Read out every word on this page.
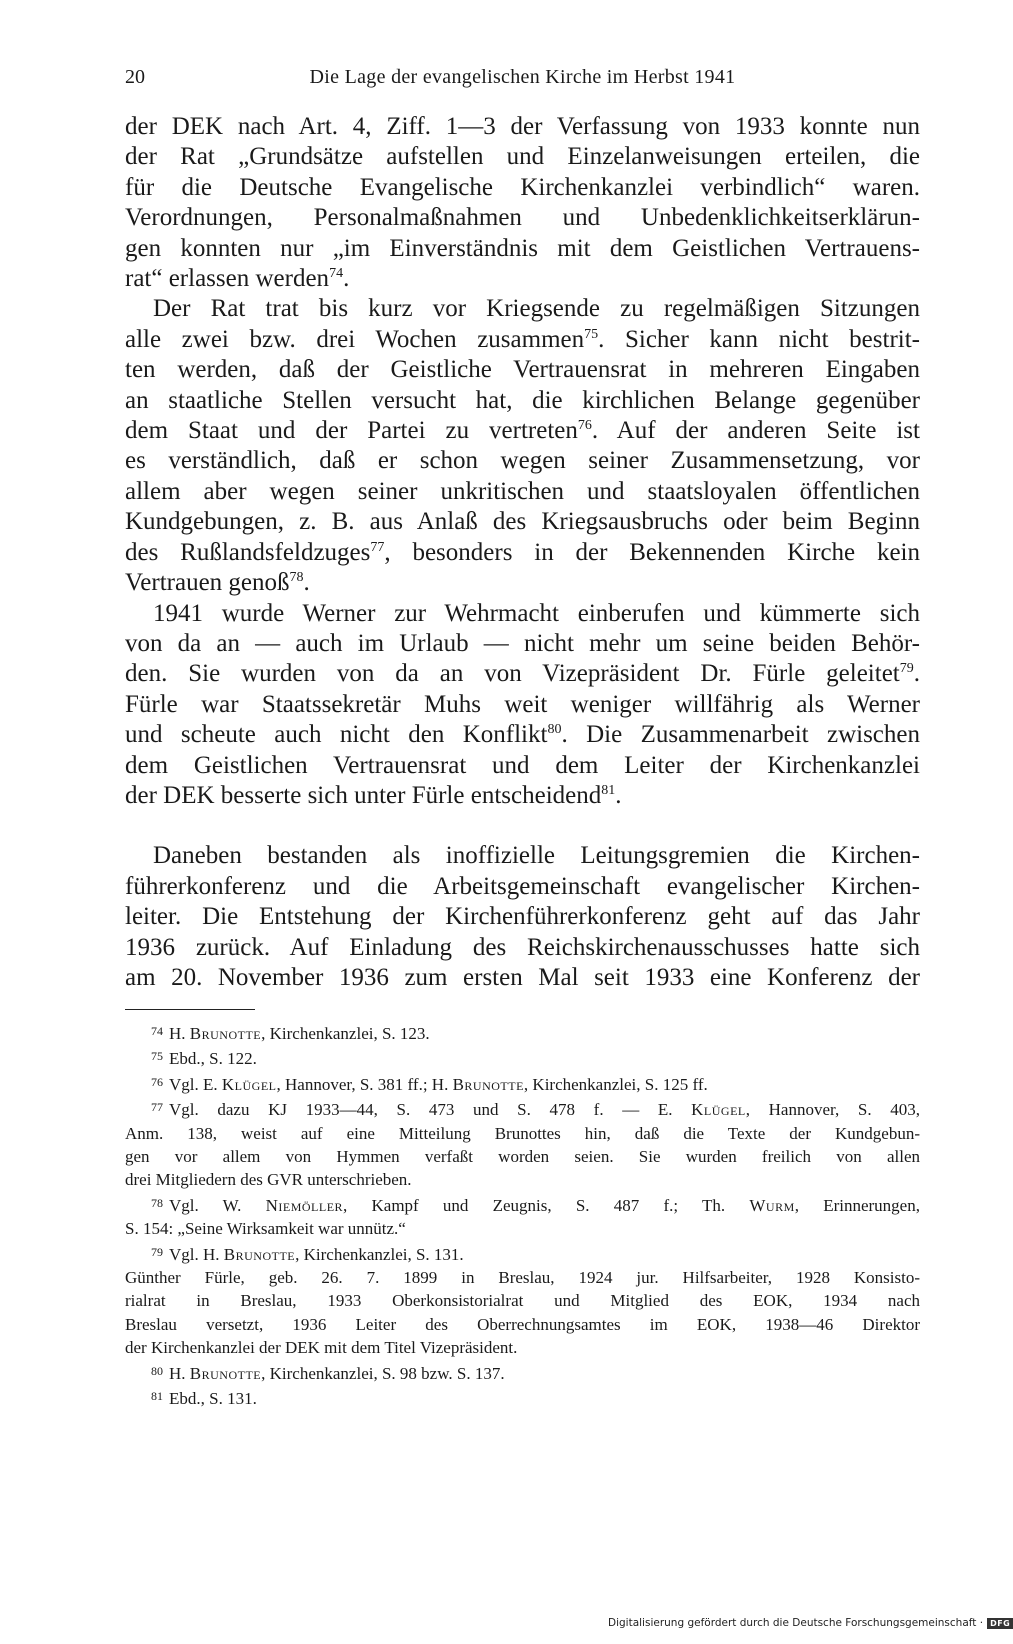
20	Die Lage der evangelischen Kirche im Herbst 1941

der DEK nach Art. 4, Ziff. 1—3 der Verfassung von 1933 konnte nun
der Rat „Grundsätze aufstellen und Einzelanweisungen erteilen, die
für die Deutsche Evangelische Kirchenkanzlei verbindlich“ waren.
Verordnungen, Personalmaßnahmen und Unbedenklichkeitserklärun-
gen konnten nur „im Einverständnis mit dem Geistlichen Vertrauens-
rat“ erlassen werden$^{74}$.

Der Rat trat bis kurz vor Kriegsende zu regelmäßigen Sitzungen
alle zwei bzw. drei Wochen zusammen$^{75}$. Sicher kann nicht bestrit-
ten werden, daß der Geistliche Vertrauensrat in mehreren Eingaben
an staatliche Stellen versucht hat, die kirchlichen Belange gegenüber
dem Staat und der Partei zu vertreten$^{76}$. Auf der anderen Seite ist
es verständlich, daß er schon wegen seiner Zusammensetzung, vor
allem aber wegen seiner unkritischen und staatsloyalen öffentlichen
Kundgebungen, z. B. aus Anlaß des Kriegsausbruchs oder beim Beginn
des Rußlandsfeldzuges$^{77}$, besonders in der Bekennenden Kirche kein
Vertrauen genoß$^{78}$.

1941 wurde Werner zur Wehrmacht einberufen und kümmerte sich
von da an — auch im Urlaub — nicht mehr um seine beiden Behör-
den. Sie wurden von da an von Vizepräsident Dr. Fürle geleitet$^{79}$.
Fürle war Staatssekretär Muhs weit weniger willfährig als Werner
und scheute auch nicht den Konflikt$^{80}$. Die Zusammenarbeit zwischen
dem Geistlichen Vertrauensrat und dem Leiter der Kirchenkanzlei
der DEK besserte sich unter Fürle entscheidend$^{81}$.

Daneben bestanden als inoffizielle Leitungsgremien die Kirchen-
führerkonferenz und die Arbeitsgemeinschaft evangelischer Kirchen-
leiter. Die Entstehung der Kirchenführerkonferenz geht auf das Jahr
1936 zurück. Auf Einladung des Reichskirchenausschusses hatte sich
am 20. November 1936 zum ersten Mal seit 1933 eine Konferenz der

$^{74}$ H. Brunotte, Kirchenkanzlei, S. 123.

$^{75}$ Ebd., S. 122.

$^{76}$ Vgl. E. Klügel, Hannover, S. 381 ff.; H. Brunotte, Kirchenkanzlei, S. 125 ff.

$^{77}$ Vgl. dazu KJ 1933—44, S. 473 und S. 478 f. — E. Klügel, Hannover, S. 403,
Anm. 138, weist auf eine Mitteilung Brunottes hin, daß die Texte der Kundgebun-
gen vor allem von Hymmen verfaßt worden seien. Sie wurden freilich von allen
drei Mitgliedern des GVR unterschrieben.

$^{78}$ Vgl. W. Niemöller, Kampf und Zeugnis, S. 487 f.; Th. Wurm, Erinnerungen,
S. 154: „Seine Wirksamkeit war unnütz.“

$^{79}$ Vgl. H. Brunotte, Kirchenkanzlei, S. 131.
Günther Fürle, geb. 26. 7. 1899 in Breslau, 1924 jur. Hilfsarbeiter, 1928 Konsisto-
rialrat in Breslau, 1933 Oberkonsistorialrat und Mitglied des EOK, 1934 nach
Breslau versetzt, 1936 Leiter des Oberrechnungsamtes im EOK, 1938—46 Direktor
der Kirchenkanzlei der DEK mit dem Titel Vizepräsident.

$^{80}$ H. Brunotte, Kirchenkanzlei, S. 98 bzw. S. 137.

$^{81}$ Ebd., S. 131.

Digitalisierung gefördert durch die Deutsche Forschungsgemeinschaft · DFG
